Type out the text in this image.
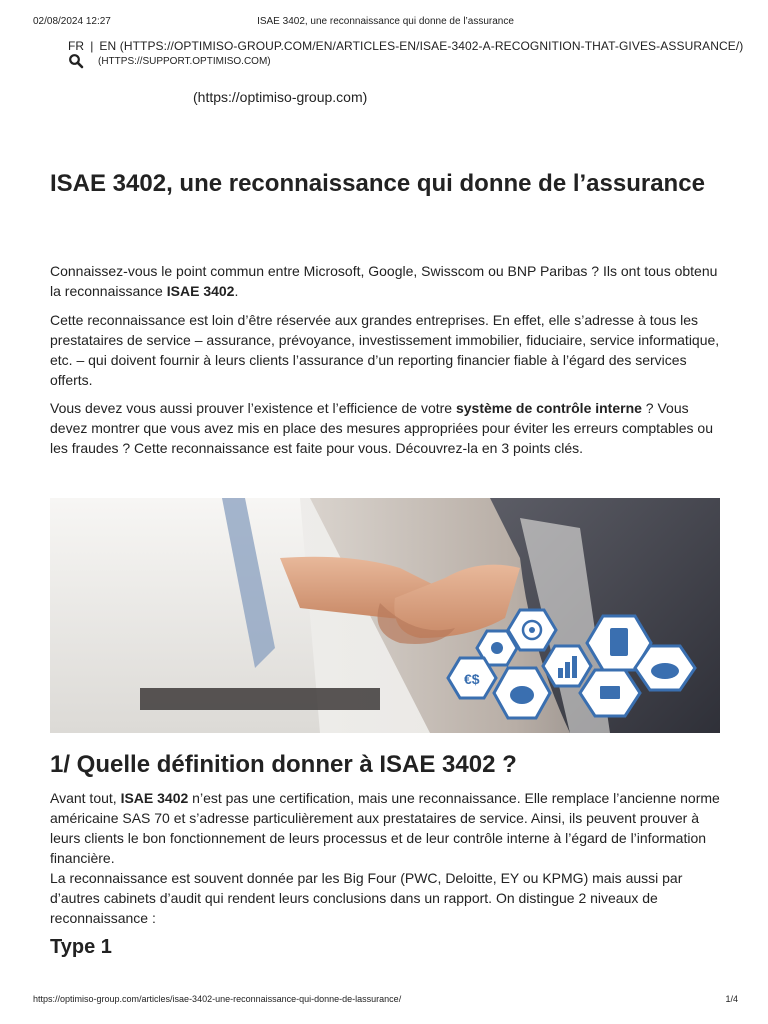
02/08/2024 12:27	ISAE 3402, une reconnaissance qui donne de l’assurance
FR | EN (HTTPS://OPTIMISO-GROUP.COM/EN/ARTICLES-EN/ISAE-3402-A-RECOGNITION-THAT-GIVES-ASSURANCE/)
(HTTPS://SUPPORT.OPTIMISO.COM)
(https://optimiso-group.com)
ISAE 3402, une reconnaissance qui donne de l’assurance

Connaissez-vous le point commun entre Microsoft, Google, Swisscom ou BNP Paribas ? Ils ont tous obtenu la reconnaissance ISAE 3402.

Cette reconnaissance est loin d’être réservée aux grandes entreprises. En effet, elle s’adresse à tous les prestataires de service – assurance, prévoyance, investissement immobilier, fiduciaire, service informatique, etc. – qui doivent fournir à leurs clients l’assurance d’un reporting financier fiable à l’égard des services offerts.

Vous devez vous aussi prouver l’existence et l’efficience de votre système de contrôle interne ? Vous devez montrer que vous avez mis en place des mesures appropriées pour éviter les erreurs comptables ou les fraudes ? Cette reconnaissance est faite pour vous. Découvrez-la en 3 points clés.

€$
1/ Quelle définition donner à ISAE 3402 ?

Avant tout, ISAE 3402 n’est pas une certification, mais une reconnaissance. Elle remplace l’ancienne norme américaine SAS 70 et s’adresse particulièrement aux prestataires de service. Ainsi, ils peuvent prouver à leurs clients le bon fonctionnement de leurs processus et de leur contrôle interne à l’égard de l’information financière.

La reconnaissance est souvent donnée par les Big Four (PWC, Deloitte, EY ou KPMG) mais aussi par d’autres cabinets d’audit qui rendent leurs conclusions dans un rapport. On distingue 2 niveaux de reconnaissance :

Type 1
https://optimiso-group.com/articles/isae-3402-une-reconnaissance-qui-donne-de-lassurance/	1/4
